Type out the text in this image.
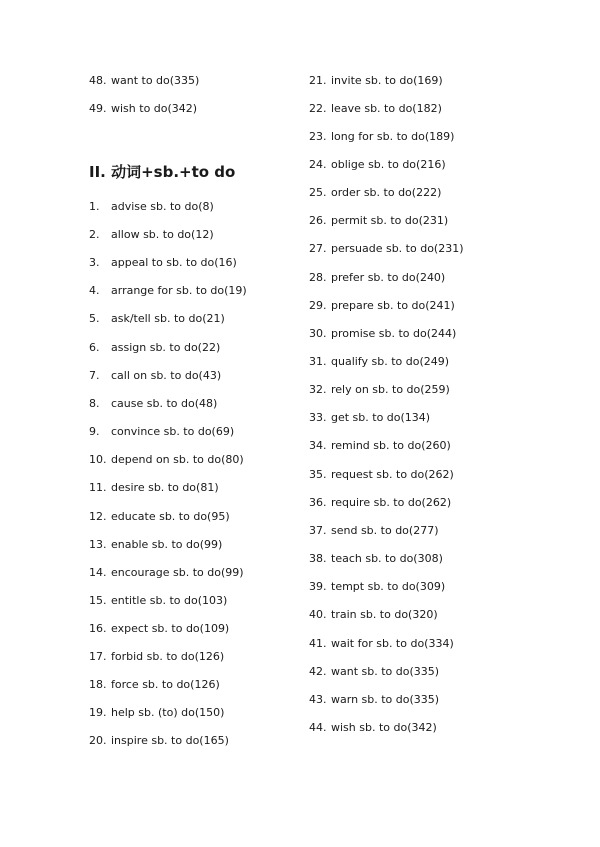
48. want to do(335)
49. wish to do(342)
II. 动词+sb.+to do
1. advise sb. to do(8)
2. allow sb. to do(12)
3. appeal to sb. to do(16)
4. arrange for sb. to do(19)
5. ask/tell sb. to do(21)
6. assign sb. to do(22)
7. call on sb. to do(43)
8. cause sb. to do(48)
9. convince sb. to do(69)
10. depend on sb. to do(80)
11. desire sb. to do(81)
12. educate sb. to do(95)
13. enable sb. to do(99)
14. encourage sb. to do(99)
15. entitle sb. to do(103)
16. expect sb. to do(109)
17. forbid sb. to do(126)
18. force sb. to do(126)
19. help sb. (to) do(150)
20. inspire sb. to do(165)
21. invite sb. to do(169)
22. leave sb. to do(182)
23. long for sb. to do(189)
24. oblige sb. to do(216)
25. order sb. to do(222)
26. permit sb. to do(231)
27. persuade sb. to do(231)
28. prefer sb. to do(240)
29. prepare sb. to do(241)
30. promise sb. to do(244)
31. qualify sb. to do(249)
32. rely on sb. to do(259)
33. get sb. to do(134)
34. remind sb. to do(260)
35. request sb. to do(262)
36. require sb. to do(262)
37. send sb. to do(277)
38. teach sb. to do(308)
39. tempt sb. to do(309)
40. train sb. to do(320)
41. wait for sb. to do(334)
42. want sb. to do(335)
43. warn sb. to do(335)
44. wish sb. to do(342)
